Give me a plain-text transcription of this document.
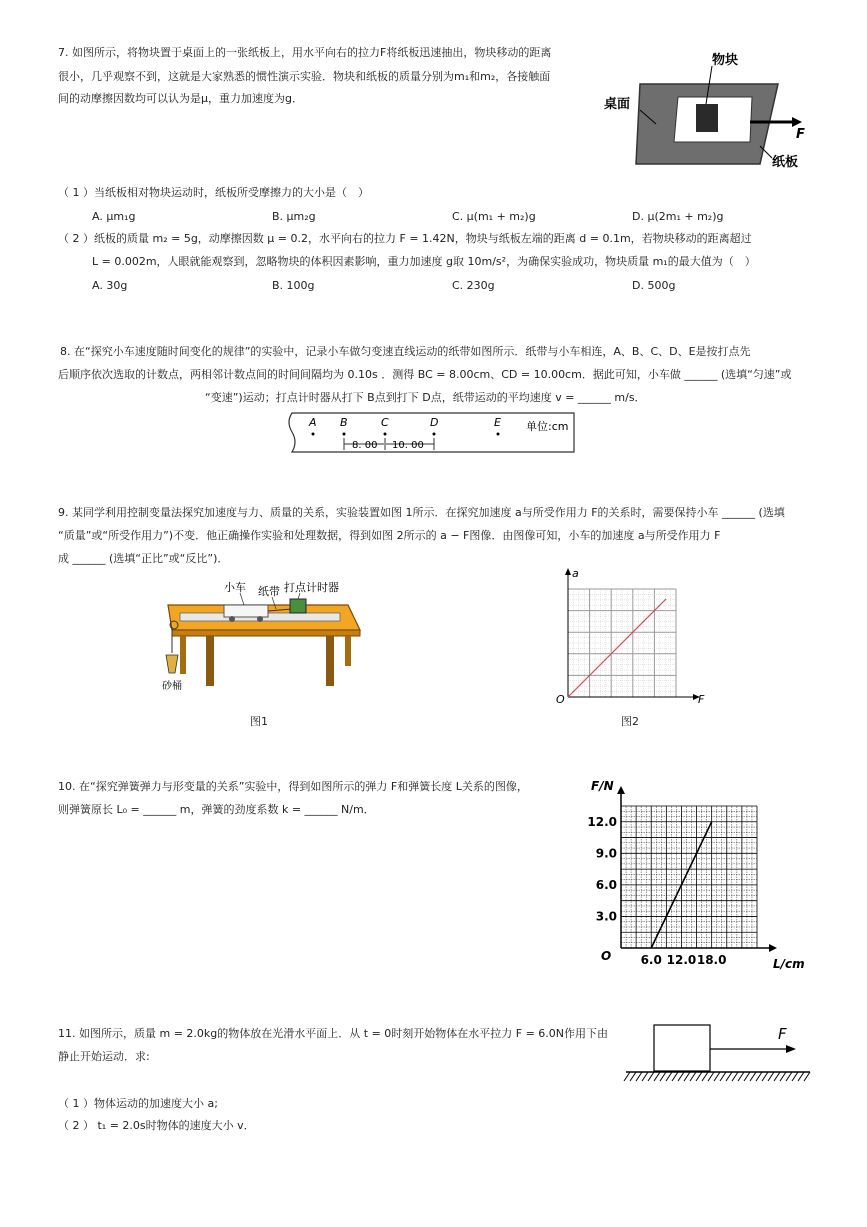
7. 如图所示，将物块置于桌面上的一张纸板上，用水平向右的拉力F将纸板迅速抽出，物块移动的距离
很小，几乎观察不到，这就是大家熟悉的惯性演示实验．物块和纸板的质量分别为m₁和m₂，各接触面
间的动摩擦因数均可以认为是μ，重力加速度为g．
物块
桌面
纸板
F
（ 1 ）当纸板相对物块运动时，纸板所受摩擦力的大小是（　）
A. μm₁g	B. μm₂g	C. μ(m₁ + m₂)g	D. μ(2m₁ + m₂)g
（ 2 ）纸板的质量 m₂ = 5g，动摩擦因数 μ = 0.2，水平向右的拉力 F = 1.42N，物块与纸板左端的距离 d = 0.1m，若物块移动的距离超过
L = 0.002m，人眼就能观察到，忽略物块的体积因素影响，重力加速度 g取 10m/s²，为确保实验成功，物块质量 m₁的最大值为（　）
A. 30g	B. 100g	C. 230g	D. 500g
8. 在“探究小车速度随时间变化的规律”的实验中，记录小车做匀变速直线运动的纸带如图所示．纸带与小车相连，A、B、C、D、E是按打点先
后顺序依次选取的计数点，两相邻计数点间的时间间隔均为 0.10s ．测得 BC = 8.00cm、CD = 10.00cm．据此可知，小车做 ______ (选填“匀速”或
“变速”)运动；打点计时器从打下 B点到打下 D点，纸带运动的平均速度 v = ______ m/s．
A B	C	D	E
8. 00 10. 00
单位:cm
9. 某同学利用控制变量法探究加速度与力、质量的关系，实验装置如图 1所示．在探究加速度 a与所受作用力 F的关系时，需要保持小车 ______ (选填
“质量”或“所受作用力”)不变．他正确操作实验和处理数据，得到如图 2所示的 a − F图像．由图像可知，小车的加速度 a与所受作用力 F
成 ______ (选填“正比”或“反比”)．
小车 纸带 打点计时器
砂桶
图1
a
F
O
图2
10. 在“探究弹簧弹力与形变量的关系”实验中，得到如图所示的弹力 F和弹簧长度 L关系的图像，
则弹簧原长 L₀ = ______ m，弹簧的劲度系数 k = ______ N/m．
6.0 12.0 18.0
3.0
6.0
9.0
12.0
F/N
L/cm
O
11. 如图所示，质量 m = 2.0kg的物体放在光滑水平面上．从 t = 0时刻开始物体在水平拉力 F = 6.0N作用下由
静止开始运动．求:
（ 1 ）物体运动的加速度大小 a;
（ 2 ） t₁ = 2.0s时物体的速度大小 v．
F
